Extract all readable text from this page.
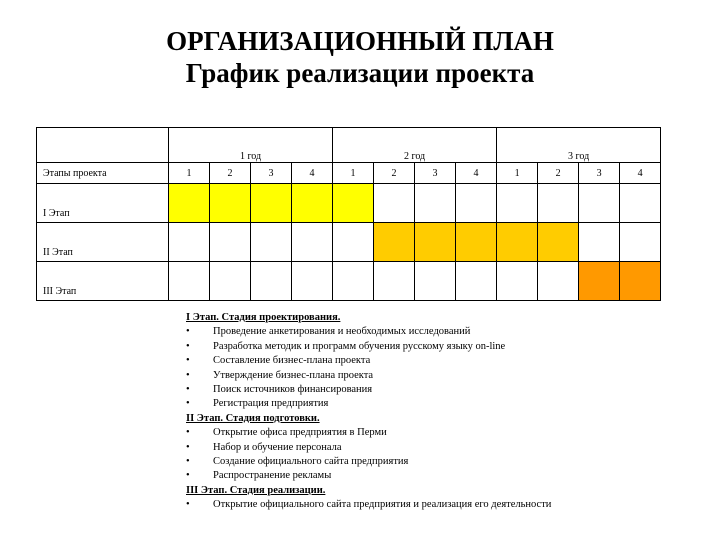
ОРГАНИЗАЦИОННЫЙ ПЛАН
График реализации проекта
	1 год				2 год				3 год			
Этапы проекта	1	2	3	4	1	2	3	4	1	2	3	4
I Этап												
II Этап												
III Этап												
I Этап. Стадия проектирования.
• Проведение анкетирования и необходимых исследований
• Разработка методик и программ обучения русскому языку on-line
• Составление бизнес-плана проекта
• Утверждение бизнес-плана проекта
• Поиск источников финансирования
• Регистрация предприятия
II Этап. Стадия подготовки.
• Открытие офиса предприятия в Перми
• Набор и обучение персонала
• Создание официального сайта предприятия
• Распространение рекламы
III Этап. Стадия реализации.
• Открытие официального сайта предприятия и реализация его деятельности
